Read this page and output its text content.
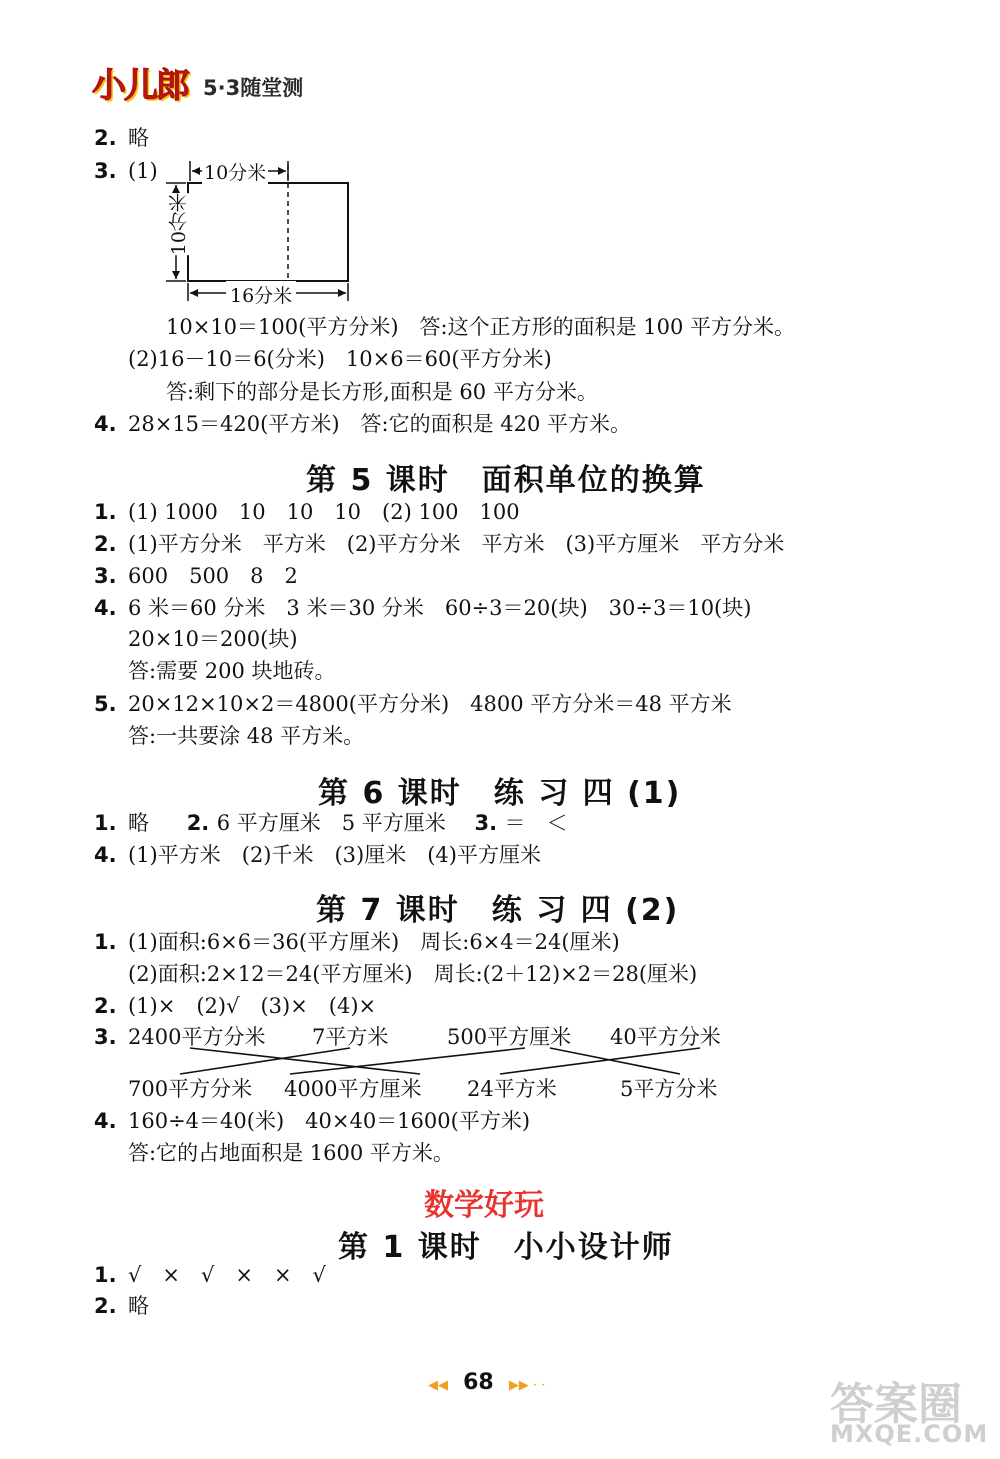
小儿郎 5·3随堂测
2. 略
3. (1) 10分米
10分米
16分米
10×10＝100(平方分米)　答:这个正方形的面积是 100 平方分米。
(2)16－10＝6(分米)　10×6＝60(平方分米)
答:剩下的部分是长方形,面积是 60 平方分米。
4. 28×15＝420(平方米)　答:它的面积是 420 平方米。
第 5 课时　面积单位的换算
1. (1) 1000　10　10　10　(2) 100　100
2. (1)平方分米　平方米　(2)平方分米　平方米　(3)平方厘米　平方分米
3. 600　500　8　2
4. 6 米＝60 分米　3 米＝30 分米　60÷3＝20(块)　30÷3＝10(块)
20×10＝200(块)
答:需要 200 块地砖。
5. 20×12×10×2＝4800(平方分米)　4800 平方分米＝48 平方米
答:一共要涂 48 平方米。
第 6 课时　练 习 四 (1)
1. 略　 2. 6 平方厘米　5 平方厘米 3. ＝　＜
4. (1)平方米　(2)千米　(3)厘米　(4)平方厘米
第 7 课时　练 习 四 (2)
1. (1)面积:6×6＝36(平方厘米)　周长:6×4＝24(厘米)
(2)面积:2×12＝24(平方厘米)　周长:(2＋12)×2＝28(厘米)
2. (1)×　(2)√　(3)×　(4)×
3. 2400平方分米 7平方米	500平方厘米 40平方分米
700平方分米 4000平方厘米 24平方米	5平方分米
4. 160÷4＝40(米)　40×40＝1600(平方米)
答:它的占地面积是 1600 平方米。
数学好玩
第 1 课时　小小设计师
1. √　×　√　×　×　√
2. 略
◀◀ 68 ▶▶ · ·	答案圈
MXQE.COM
